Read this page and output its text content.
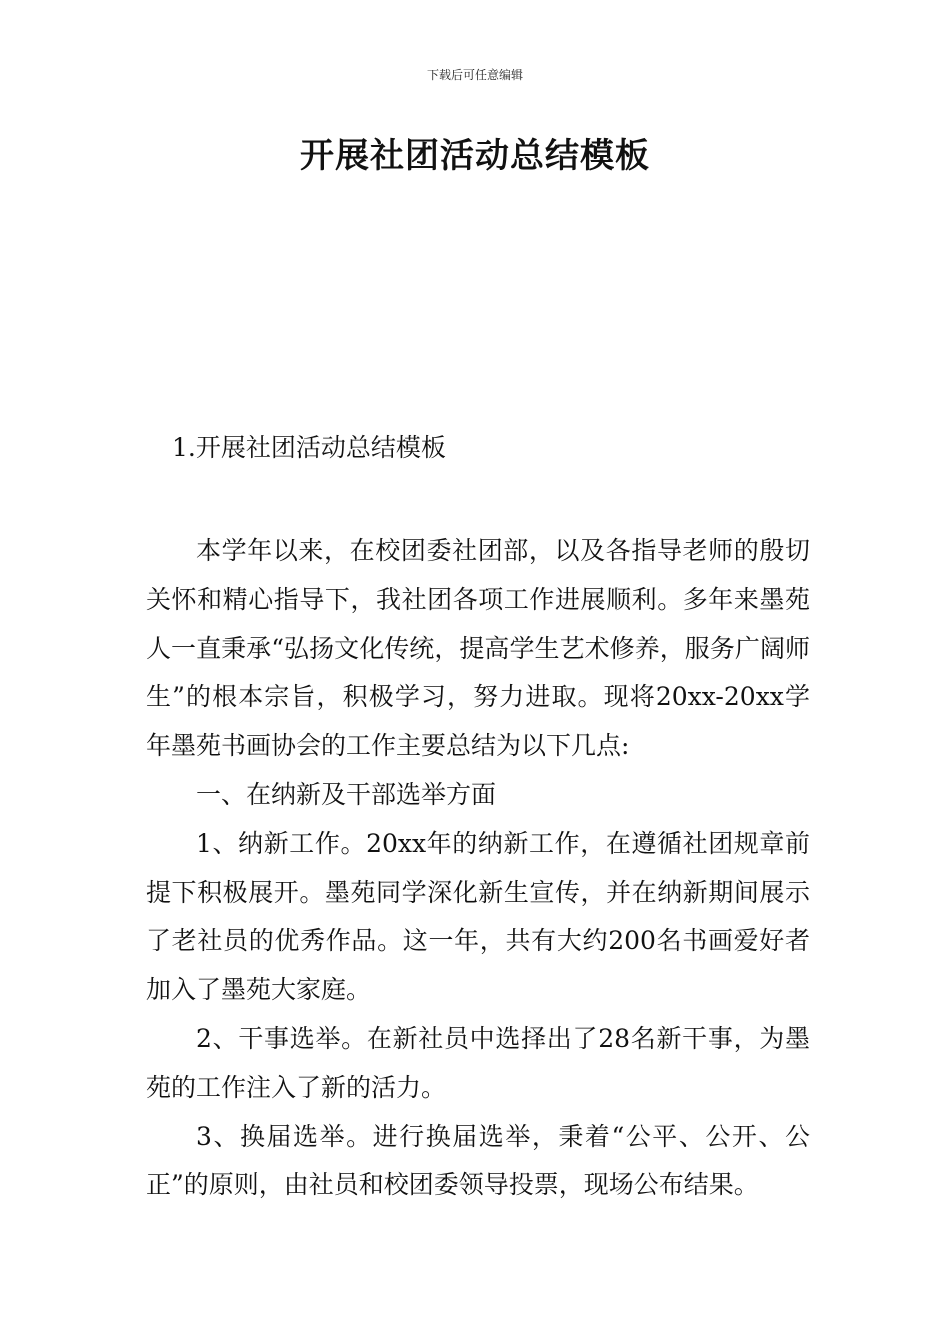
下载后可任意编辑
开展社团活动总结模板
1.开展社团活动总结模板

本学年以来，在校团委社团部，以及各指导老师的殷切关怀和精心指导下，我社团各项工作进展顺利。多年来墨苑人一直秉承“弘扬文化传统，提高学生艺术修养，服务广阔师生”的根本宗旨，积极学习，努力进取。现将20xx-20xx学年墨苑书画协会的工作主要总结为以下几点:

一、在纳新及干部选举方面

1、纳新工作。20xx年的纳新工作，在遵循社团规章前提下积极展开。墨苑同学深化新生宣传，并在纳新期间展示了老社员的优秀作品。这一年，共有大约200名书画爱好者加入了墨苑大家庭。

2、干事选举。在新社员中选择出了28名新干事，为墨苑的工作注入了新的活力。

3、换届选举。进行换届选举，秉着“公平、公开、公正”的原则，由社员和校团委领导投票，现场公布结果。
